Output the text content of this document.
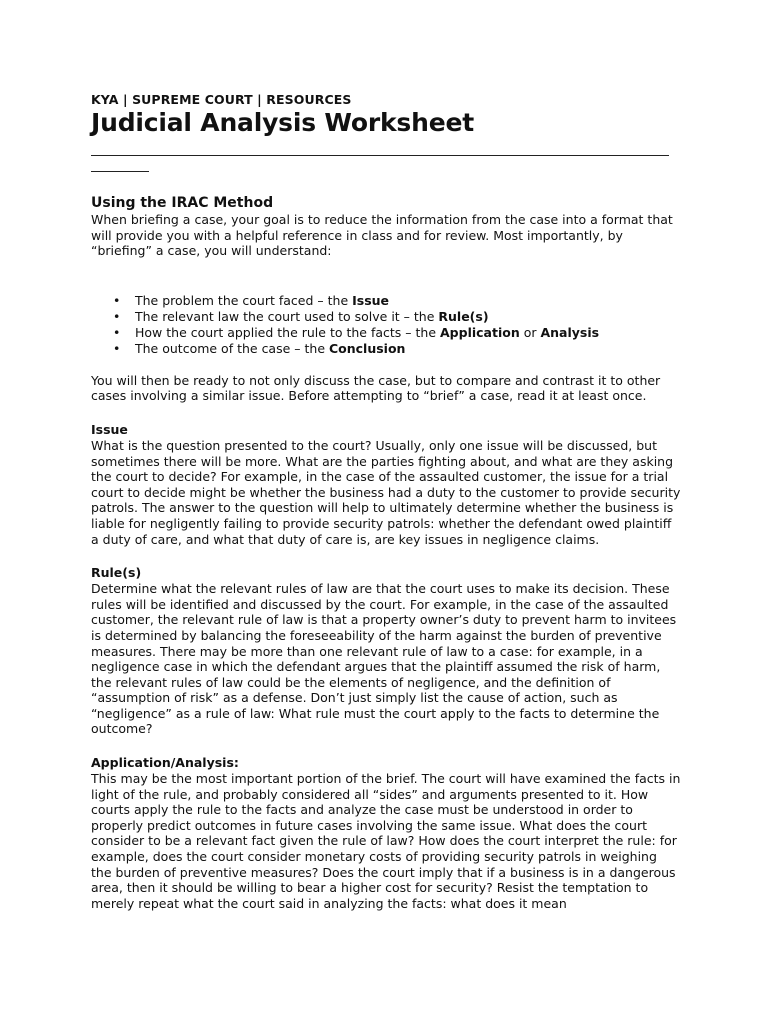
KYA | SUPREME COURT | RESOURCES
Judicial Analysis Worksheet
Using the IRAC Method

When briefing a case, your goal is to reduce the information from the case into a format that will provide you with a helpful reference in class and for review. Most importantly, by “briefing” a case, you will understand:

• The problem the court faced – the Issue
• The relevant law the court used to solve it – the Rule(s)
• How the court applied the rule to the facts – the Application or Analysis
• The outcome of the case – the Conclusion

You will then be ready to not only discuss the case, but to compare and contrast it to other cases involving a similar issue. Before attempting to “brief” a case, read it at least once.

Issue

What is the question presented to the court? Usually, only one issue will be discussed, but sometimes there will be more. What are the parties fighting about, and what are they asking the court to decide? For example, in the case of the assaulted customer, the issue for a trial court to decide might be whether the business had a duty to the customer to provide security patrols. The answer to the question will help to ultimately determine whether the business is liable for negligently failing to provide security patrols: whether the defendant owed plaintiff a duty of care, and what that duty of care is, are key issues in negligence claims.

Rule(s)

Determine what the relevant rules of law are that the court uses to make its decision. These rules will be identified and discussed by the court. For example, in the case of the assaulted customer, the relevant rule of law is that a property owner’s duty to prevent harm to invitees is determined by balancing the foreseeability of the harm against the burden of preventive measures. There may be more than one relevant rule of law to a case: for example, in a negligence case in which the defendant argues that the plaintiff assumed the risk of harm, the relevant rules of law could be the elements of negligence, and the definition of “assumption of risk” as a defense. Don’t just simply list the cause of action, such as “negligence” as a rule of law: What rule must the court apply to the facts to determine the outcome?

Application/Analysis:

This may be the most important portion of the brief. The court will have examined the facts in light of the rule, and probably considered all “sides” and arguments presented to it. How courts apply the rule to the facts and analyze the case must be understood in order to properly predict outcomes in future cases involving the same issue. What does the court consider to be a relevant fact given the rule of law? How does the court interpret the rule: for example, does the court consider monetary costs of providing security patrols in weighing the burden of preventive measures? Does the court imply that if a business is in a dangerous area, then it should be willing to bear a higher cost for security? Resist the temptation to merely repeat what the court said in analyzing the facts: what does it mean
